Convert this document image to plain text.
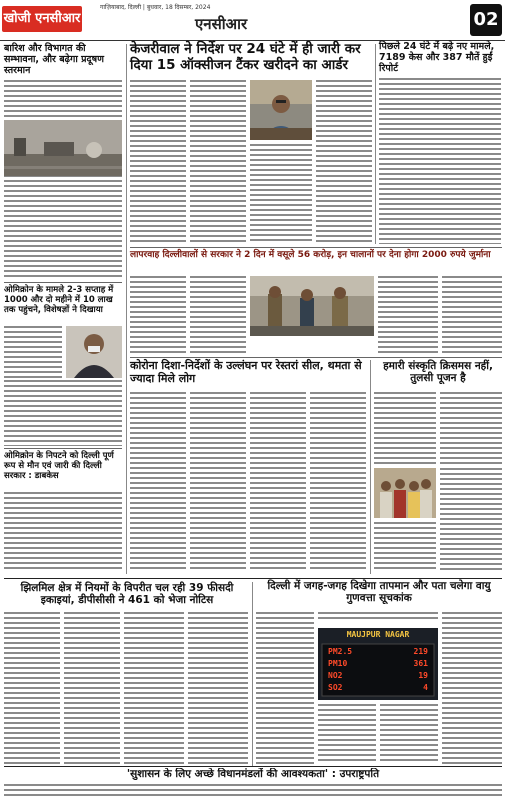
खोजी एनसीआर
गाज़ियाबाद, दिल्ली | बुधवार, 18 दिसम्बर, 2024
एनसीआर	02
बारिश और विभागत की सम्भावना, और बढ़ेगा प्रदूषण स्तरमान
ओमिक्रोन के मामले 2-3 सप्ताह में 1000 और दो महीने में 10 लाख तक पहुंचने, विशेषज्ञों ने दिखाया
ओमिक्रोन के निपटने को दिल्ली पूर्ण रूप से मौन एवं जारी की दिल्ली सरकार : डाबकेस
केजरीवाल ने निर्देश पर 24 घंटे में ही जारी कर दिया 15 ऑक्सीजन टैंकर खरीदने का आर्डर
पिछले 24 घंटे में बढ़े नए मामले, 7189 केस और 387 मौतें हुईं रिपोर्ट
लापरवाह दिल्लीवालों से सरकार ने 2 दिन में वसूले 56 करोड़, इन चालानों पर देना होगा 2000 रुपये जुर्माना
कोरोना दिशा-निर्देशों के उल्लंघन पर रेस्तरां सील, थमता से ज्यादा मिले लोग
हमारी संस्कृति क्रिसमस नहीं, तुलसी पूजन है
झिलमिल क्षेत्र में नियमों के विपरीत चल रही 39 फीसदी इकाइयां, डीपीसीसी ने 461 को भेजा नोटिस
दिल्ली में जगह-जगह दिखेगा तापमान और पता चलेगा वायु गुणवत्ता सूचकांक
MAUJPUR NAGAR
PM2.5	219
PM10	361
NO2	19
SO2	4
'सुशासन के लिए अच्छे विधानमंडलों की आवश्यकता' : उपराष्ट्रपति
